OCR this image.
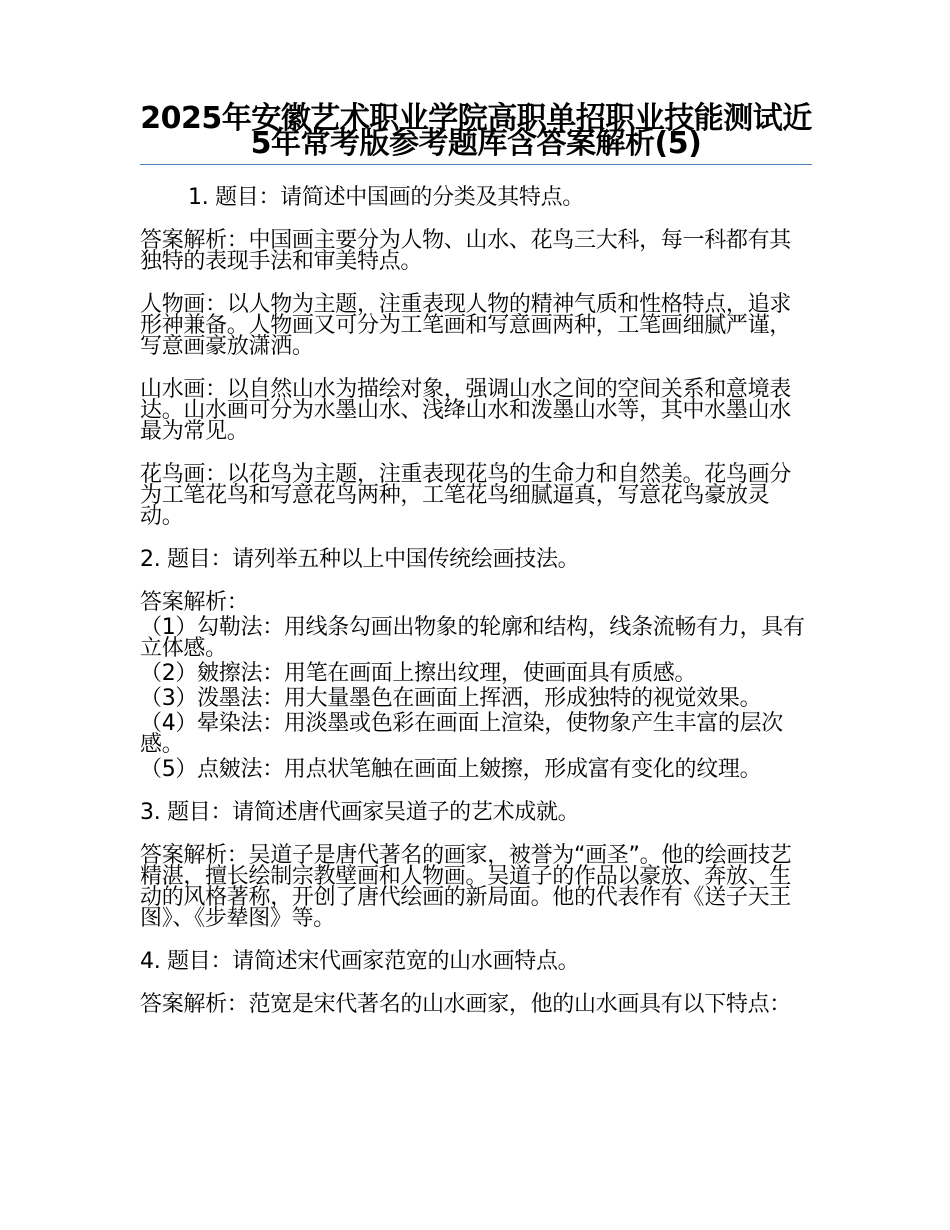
2025年安徽艺术职业学院高职单招职业技能测试近5年常考版参考题库含答案解析(5)

1. 题目：请简述中国画的分类及其特点。

答案解析：中国画主要分为人物、山水、花鸟三大科，每一科都有其独特的表现手法和审美特点。

人物画：以人物为主题，注重表现人物的精神气质和性格特点，追求形神兼备。人物画又可分为工笔画和写意画两种，工笔画细腻严谨，写意画豪放潇洒。

山水画：以自然山水为描绘对象，强调山水之间的空间关系和意境表达。山水画可分为水墨山水、浅绛山水和泼墨山水等，其中水墨山水最为常见。

花鸟画：以花鸟为主题，注重表现花鸟的生命力和自然美。花鸟画分为工笔花鸟和写意花鸟两种，工笔花鸟细腻逼真，写意花鸟豪放灵动。

2. 题目：请列举五种以上中国传统绘画技法。

答案解析：

（1）勾勒法：用线条勾画出物象的轮廓和结构，线条流畅有力，具有立体感。

（2）皴擦法：用笔在画面上擦出纹理，使画面具有质感。

（3）泼墨法：用大量墨色在画面上挥洒，形成独特的视觉效果。

（4）晕染法：用淡墨或色彩在画面上渲染，使物象产生丰富的层次感。

（5）点皴法：用点状笔触在画面上皴擦，形成富有变化的纹理。

3. 题目：请简述唐代画家吴道子的艺术成就。

答案解析：吴道子是唐代著名的画家，被誉为“画圣”。他的绘画技艺精湛，擅长绘制宗教壁画和人物画。吴道子的作品以豪放、奔放、生动的风格著称，开创了唐代绘画的新局面。他的代表作有《送子天王图》、《步辇图》等。

4. 题目：请简述宋代画家范宽的山水画特点。

答案解析：范宽是宋代著名的山水画家，他的山水画具有以下特点：
